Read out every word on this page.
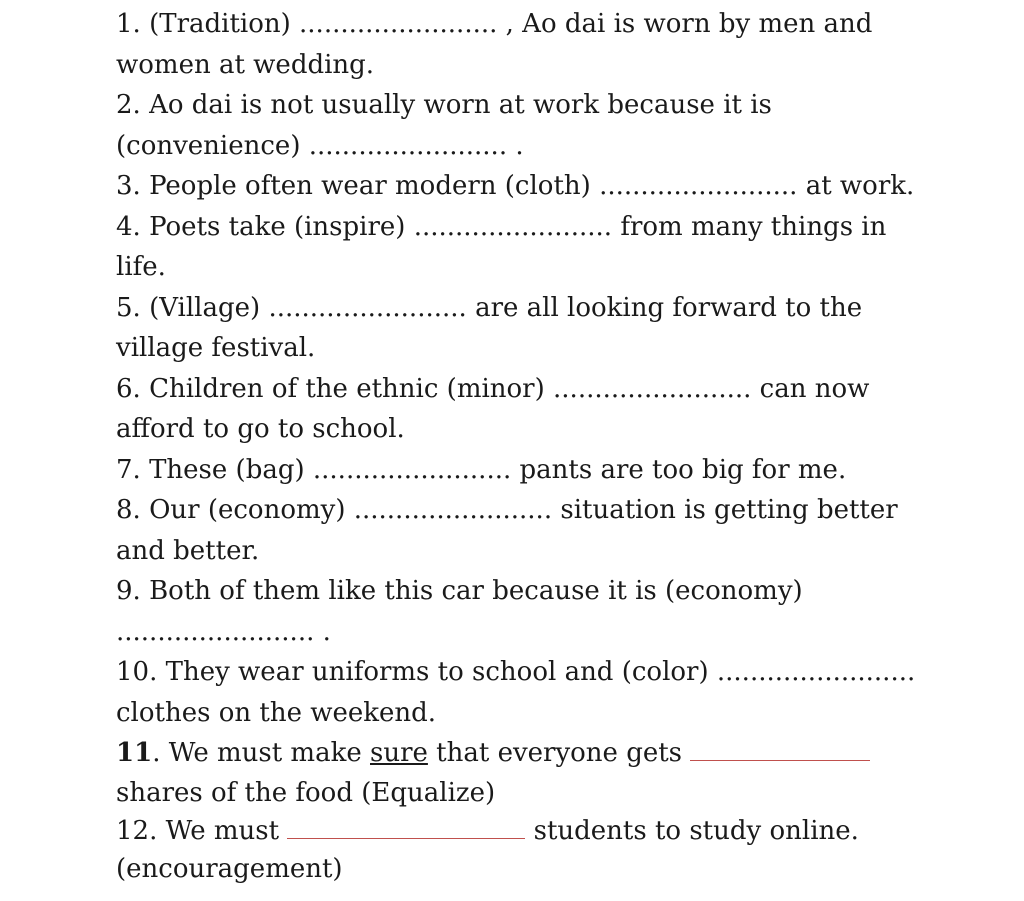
1. (Tradition) ........................ , Ao dai is worn by men and
women at wedding.
2. Ao dai is not usually worn at work because it is
(convenience) ........................ .
3. People often wear modern (cloth) ........................ at work.
4. Poets take (inspire) ........................ from many things in
life.
5. (Village) ........................ are all looking forward to the
village festival.
6. Children of the ethnic (minor) ........................ can now
afford to go to school.
7. These (bag) ........................ pants are too big for me.
8. Our (economy) ........................ situation is getting better
and better.
9. Both of them like this car because it is (economy)
........................ .
10. They wear uniforms to school and (color) ........................
clothes on the weekend.
11. We must make sure that everyone gets
shares of the food (Equalize)
12. We must	students to study online.
(encouragement)
